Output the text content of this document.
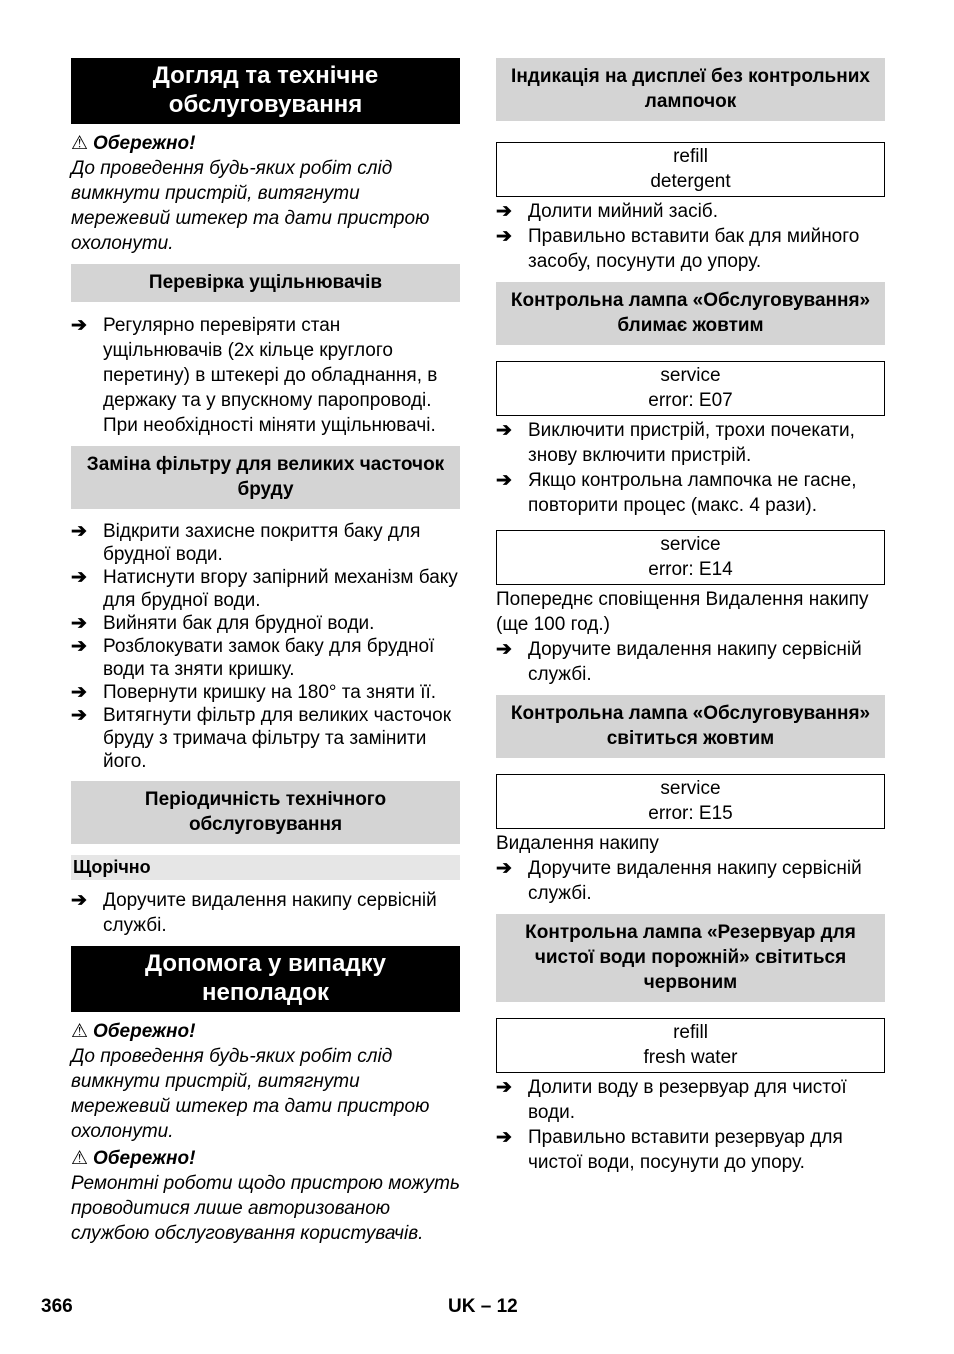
Догляд та технічне обслуговування
⚠ Обережно!
До проведення будь-яких робіт слід вимкнути пристрій, витягнути мережевий штекер та дати пристрою охолонути.
Перевірка ущільнювачів
➔ Регулярно перевіряти стан ущільнювачів (2х кільце круглого перетину) в штекері до обладнання, в держаку та у впускному паропроводі. При необхідності міняти ущільнювачі.
Заміна фільтру для великих часточок бруду
➔ Відкрити захисне покриття баку для брудної води.
➔ Натиснути вгору запірний механізм баку для брудної води.
➔ Вийняти бак для брудної води.
➔ Розблокувати замок баку для брудної води та зняти кришку.
➔ Повернути кришку на 180° та зняти її.
➔ Витягнути фільтр для великих часточок бруду з тримача фільтру та замінити його.
Періодичність технічного обслуговування
Щорічно
➔ Доручите видалення накипу сервісній службі.
Допомога у випадку неполадок
⚠ Обережно!
До проведення будь-яких робіт слід вимкнути пристрій, витягнути мережевий штекер та дати пристрою охолонути.
⚠ Обережно!
Ремонтні роботи щодо пристрою можуть проводитися лише авторизованою службою обслуговування користувачів.
Індикація на дисплеї без контрольних лампочок
refill
detergent
➔ Долити мийний засіб.
➔ Правильно вставити бак для мийного засобу, посунути до упору.
Контрольна лампа «Обслуговування» блимає жовтим
service
error: E07
➔ Виключити пристрій, трохи почекати, знову включити пристрій.
➔ Якщо контрольна лампочка не гасне, повторити процес (макс. 4 рази).
service
error: E14
Попереднє сповіщення Видалення накипу (ще 100 год.)
➔ Доручите видалення накипу сервісній службі.
Контрольна лампа «Обслуговування» світиться жовтим
service
error: E15
Видалення накипу
➔ Доручите видалення накипу сервісній службі.
Контрольна лампа «Резервуар для чистої води порожній» світиться червоним
refill
fresh water
➔ Долити воду в резервуар для чистої води.
➔ Правильно вставити резервуар для чистої води, посунути до упору.
366	UK – 12
